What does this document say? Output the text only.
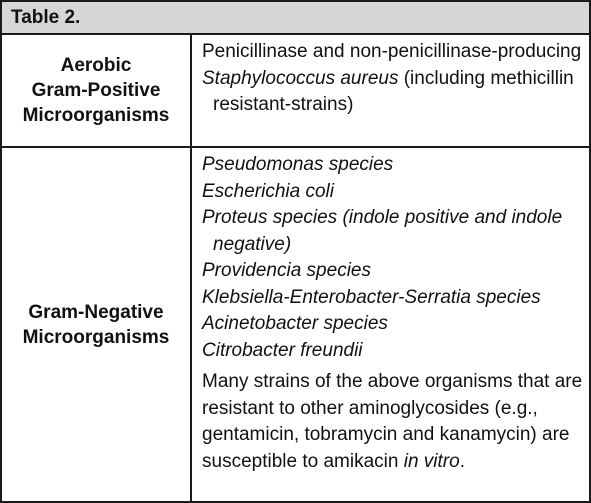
Table 2.
Aerobic
Gram-Positive
Microorganisms
Penicillinase and non-penicillinase-producing
Staphylococcus aureus (including methicillin resistant-strains)
Gram-Negative
Microorganisms
Pseudomonas species
Escherichia coli
Proteus species (indole positive and indole negative)
Providencia species
Klebsiella-Enterobacter-Serratia species
Acinetobacter species
Citrobacter freundii
Many strains of the above organisms that are resistant to other aminoglycosides (e.g., gentamicin, tobramycin and kanamycin) are susceptible to amikacin in vitro.
